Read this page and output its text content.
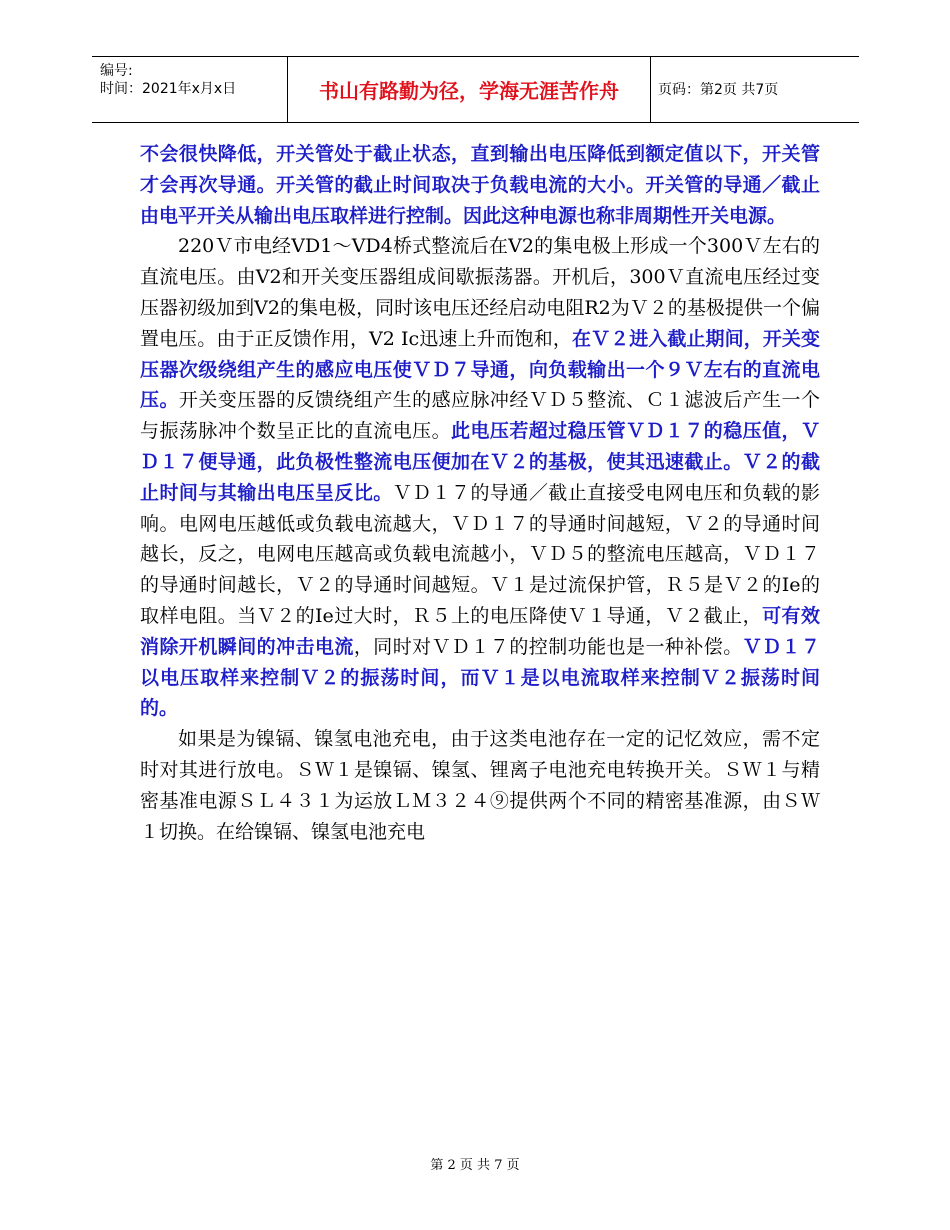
编号:
时间：2021年x月x日	书山有路勤为径，学海无涯苦作舟	页码：第2页 共7页

不会很快降低，开关管处于截止状态，直到输出电压降低到额定值以下，开关管才会再次导通。开关管的截止时间取决于负载电流的大小。开关管的导通／截止由电平开关从输出电压取样进行控制。因此这种电源也称非周期性开关电源。

220Ｖ市电经VD1～VD4桥式整流后在V2的集电极上形成一个300Ｖ左右的直流电压。由V2和开关变压器组成间歇振荡器。开机后，300Ｖ直流电压经过变压器初级加到V2的集电极，同时该电压还经启动电阻R2为Ｖ２的基极提供一个偏置电压。由于正反馈作用，V2 Ic迅速上升而饱和，在Ｖ２进入截止期间，开关变压器次级绕组产生的感应电压使ＶＤ７导通，向负载输出一个９Ｖ左右的直流电压。开关变压器的反馈绕组产生的感应脉冲经ＶＤ５整流、Ｃ１滤波后产生一个与振荡脉冲个数呈正比的直流电压。此电压若超过稳压管ＶＤ１７的稳压值，ＶＤ１７便导通，此负极性整流电压便加在Ｖ２的基极，使其迅速截止。Ｖ２的截止时间与其输出电压呈反比。ＶＤ１７的导通／截止直接受电网电压和负载的影响。电网电压越低或负载电流越大，ＶＤ１７的导通时间越短，Ｖ２的导通时间越长，反之，电网电压越高或负载电流越小，ＶＤ５的整流电压越高，ＶＤ１７的导通时间越长，Ｖ２的导通时间越短。Ｖ１是过流保护管，Ｒ５是Ｖ２的Ie的取样电阻。当Ｖ２的Ie过大时，Ｒ５上的电压降使Ｖ１导通，Ｖ２截止，可有效消除开机瞬间的冲击电流，同时对ＶＤ１７的控制功能也是一种补偿。ＶＤ１７以电压取样来控制Ｖ２的振荡时间，而Ｖ１是以电流取样来控制Ｖ２振荡时间的。

如果是为镍镉、镍氢电池充电，由于这类电池存在一定的记忆效应，需不定时对其进行放电。ＳＷ１是镍镉、镍氢、锂离子电池充电转换开关。ＳＷ１与精密基准电源ＳＬ４３１为运放ＬＭ３２４⑨提供两个不同的精密基准源，由ＳＷ１切换。在给镍镉、镍氢电池充电

第 2 页 共 7 页
